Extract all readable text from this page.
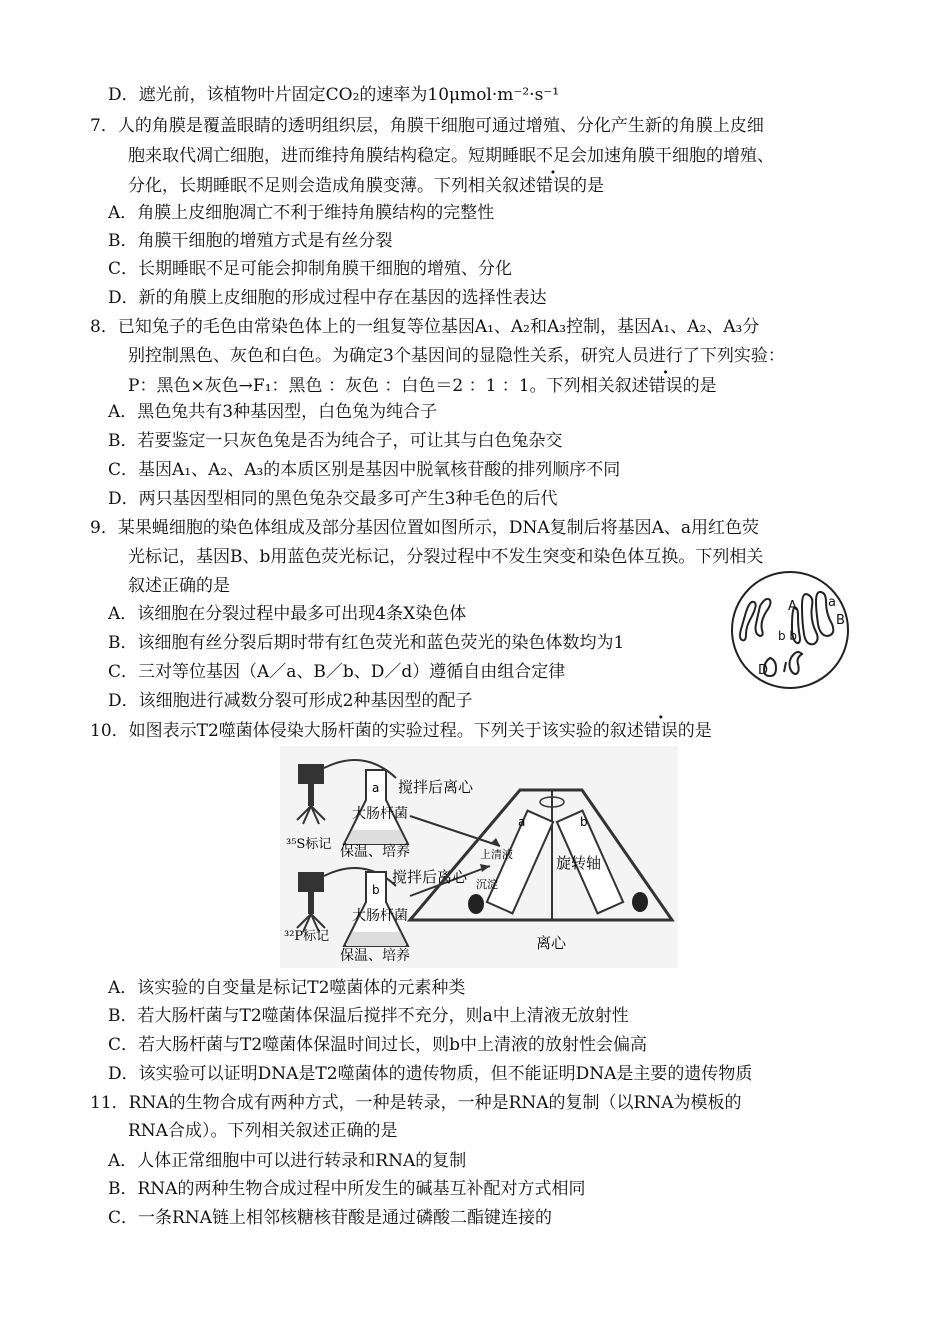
D．遮光前，该植物叶片固定CO₂的速率为10μmol·m⁻²·s⁻¹
7．人的角膜是覆盖眼睛的透明组织层，角膜干细胞可通过增殖、分化产生新的角膜上皮细
胞来取代凋亡细胞，进而维持角膜结构稳定。短期睡眠不足会加速角膜干细胞的增殖、
分化，长期睡眠不足则会造成角膜变薄。下列相关叙述错误的是
A．角膜上皮细胞凋亡不利于维持角膜结构的完整性
B．角膜干细胞的增殖方式是有丝分裂
C．长期睡眠不足可能会抑制角膜干细胞的增殖、分化
D．新的角膜上皮细胞的形成过程中存在基因的选择性表达
8．已知兔子的毛色由常染色体上的一组复等位基因A₁、A₂和A₃控制，基因A₁、A₂、A₃分
别控制黑色、灰色和白色。为确定3个基因间的显隐性关系，研究人员进行了下列实验：
P：黑色×灰色→F₁：黑色 ：灰色 ：白色＝2 ：1 ：1。下列相关叙述错误的是
A．黑色兔共有3种基因型，白色兔为纯合子
B．若要鉴定一只灰色兔是否为纯合子，可让其与白色兔杂交
C．基因A₁、A₂、A₃的本质区别是基因中脱氧核苷酸的排列顺序不同
D．两只基因型相同的黑色兔杂交最多可产生3种毛色的后代
9．某果蝇细胞的染色体组成及部分基因位置如图所示，DNA复制后将基因A、a用红色荧
光标记，基因B、b用蓝色荧光标记，分裂过程中不发生突变和染色体互换。下列相关
叙述正确的是
A．该细胞在分裂过程中最多可出现4条X染色体
B．该细胞有丝分裂后期时带有红色荧光和蓝色荧光的染色体数均为1
C．三对等位基因（A／a、B／b、D／d）遵循自由组合定律
D．该细胞进行减数分裂可形成2种基因型的配子
A a
B
b b
D
10．如图表示T2噬菌体侵染大肠杆菌的实验过程。下列关于该实验的叙述错误的是
a
大肠杆菌
³⁵S标记 保温、培养
b
大肠杆菌
³²P标记
保温、培养
搅拌后离心
搅拌后离心
a	b
上清液
沉淀
旋转轴
离心
A．该实验的自变量是标记T2噬菌体的元素种类
B．若大肠杆菌与T2噬菌体保温后搅拌不充分，则a中上清液无放射性
C．若大肠杆菌与T2噬菌体保温时间过长，则b中上清液的放射性会偏高
D．该实验可以证明DNA是T2噬菌体的遗传物质，但不能证明DNA是主要的遗传物质
11．RNA的生物合成有两种方式，一种是转录，一种是RNA的复制（以RNA为模板的
RNA合成）。下列相关叙述正确的是
A．人体正常细胞中可以进行转录和RNA的复制
B．RNA的两种生物合成过程中所发生的碱基互补配对方式相同
C．一条RNA链上相邻核糖核苷酸是通过磷酸二酯键连接的
